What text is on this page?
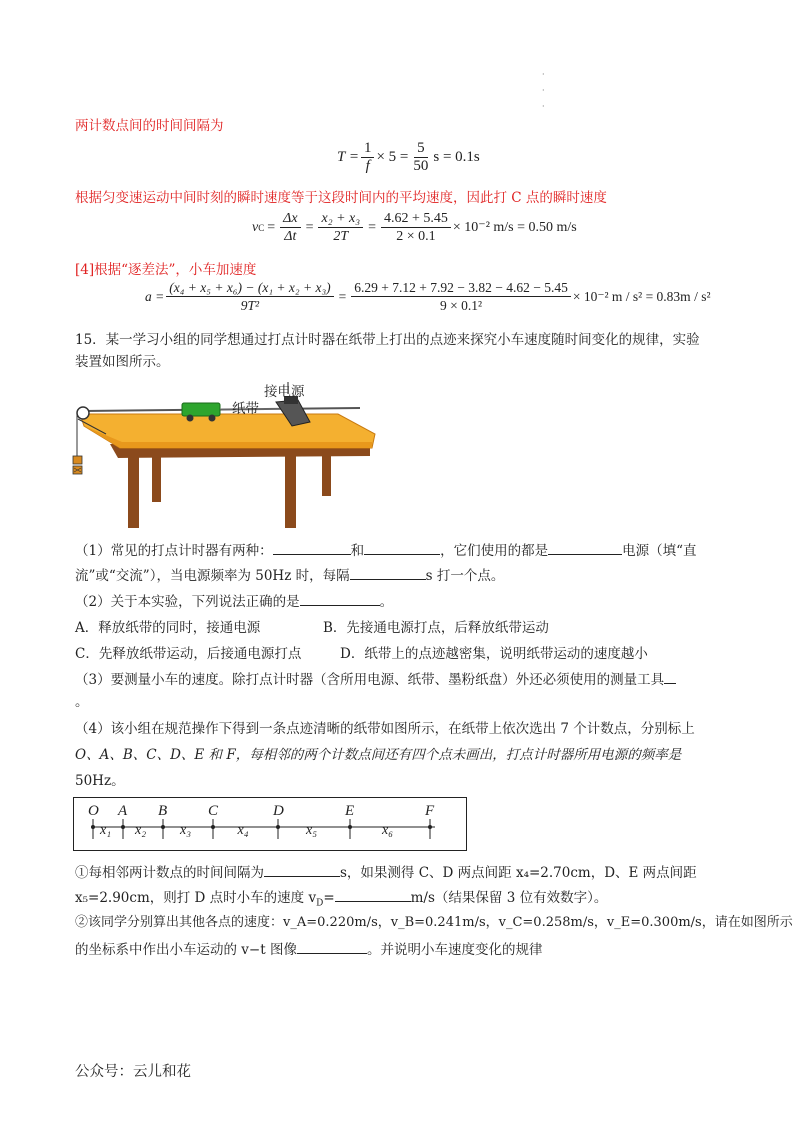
·
·
·
两计数点间的时间间隔为
$T = \frac{1}{f} \times 5 = \frac{5}{50}$ s = 0.1s
根据匀变速运动中间时刻的瞬时速度等于这段时间内的平均速度，因此打 C 点的瞬时速度
v $C = \frac{\Delta x}{\Delta t} = \frac{\text{x₂ + x₃}}{2T} = \frac{4.62 + 5.45}{2 \times 0.1} \times 10^{-2}$ m/s = 0.50 m/s
[4]根据“逐差法”，小车加速度
$a = \frac{\text{(x₄ + x₅ + x₆) − (x₁ + x₂ + x₃)}}{\text{9T²}} = \frac{6.29 + 7.12 + 7.92 - 3.82 - 4.62 - 5.45}{\text{9 × 0.1²}} \times 10^{-2}$ m / s² = 0.83m / s²
15．某一学习小组的同学想通过打点计时器在纸带上打出的点迹来探究小车速度随时间变化的规律，实验
装置如图所示。
接电源
纸带
（1）常见的打点计时器有两种：	和	，它们使用的都是	电源（填“直
流”或“交流”），当电源频率为 50Hz 时，每隔	s 打一个点。
（2）关于本实验，下列说法正确的是	。
A．释放纸带的同时，接通电源	B．先接通电源打点，后释放纸带运动
C．先释放纸带运动，后接通电源打点	D．纸带上的点迹越密集，说明纸带运动的速度越小
（3）要测量小车的速度。除打点计时器（含所用电源、纸带、墨粉纸盘）外还必须使用的测量工具
。
（4）该小组在规范操作下得到一条点迹清晰的纸带如图所示，在纸带上依次选出 7 个计数点，分别标上
O、A、B、C、D、E 和 F，每相邻的两个计数点间还有四个点未画出，打点计时器所用电源的频率是
50Hz。
O A B	C	D	E	F
x₁ x₂ x₃	x₄	x₅	x₆
①每相邻两计数点的时间间隔为	s，如果测得 C、D 两点间距 x₄=2.70cm，D、E 两点间距
x₅=2.90cm，则打 D 点时小车的速度 $v_D=$	m/s（结果保留 3 位有效数字）。
②该同学分别算出其他各点的速度：v_A=0.220m/s，v_B=0.241m/s，v_C=0.258m/s，v_E=0.300m/s，请在如图所示
的坐标系中作出小车运动的 v−t 图像	。并说明小车速度变化的规律
公众号：云儿和花
